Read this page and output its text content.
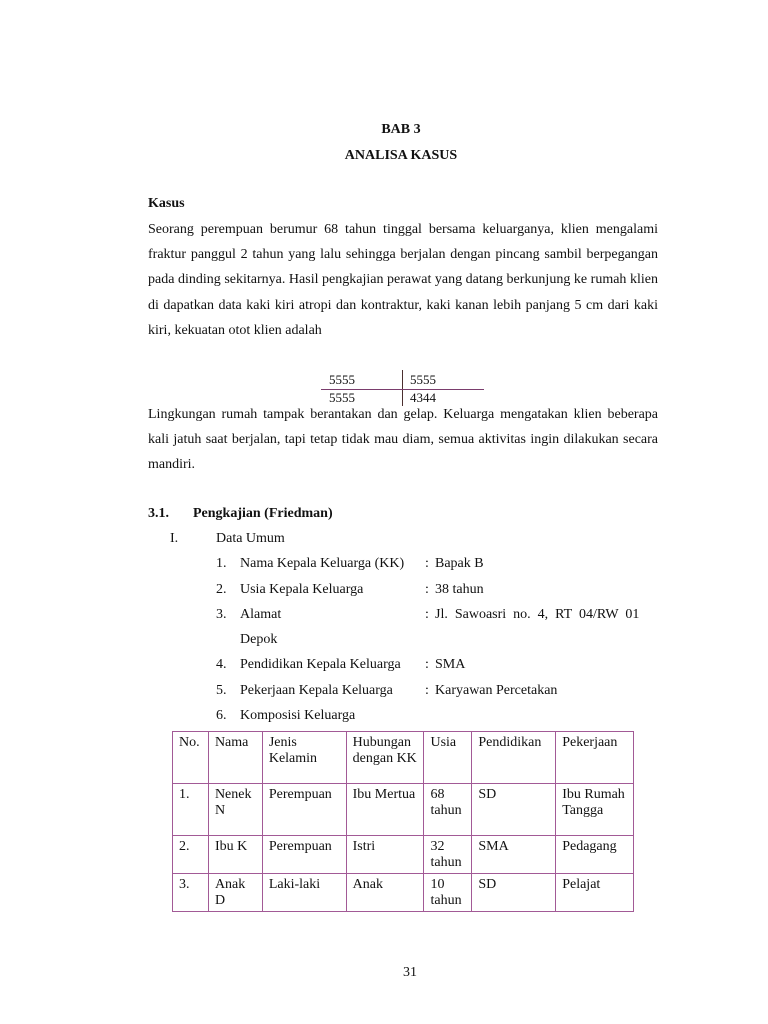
BAB 3
ANALISA KASUS
Kasus
Seorang perempuan berumur 68 tahun tinggal bersama keluarganya, klien mengalami fraktur panggul 2 tahun yang lalu sehingga berjalan dengan pincang sambil berpegangan pada dinding sekitarnya. Hasil pengkajian perawat yang datang berkunjung ke rumah klien di dapatkan data kaki kiri atropi dan kontraktur, kaki kanan lebih panjang 5 cm dari kaki kiri, kekuatan otot klien adalah
5555	5555
5555	4344
Lingkungan rumah tampak berantakan dan gelap. Keluarga mengatakan klien beberapa kali jatuh saat berjalan, tapi tetap tidak mau diam, semua aktivitas ingin dilakukan secara mandiri.
3.1. Pengkajian (Friedman)
I.	Data Umum
1. Nama Kepala Keluarga (KK) : Bapak B
2. Usia Kepala Keluarga	: 38 tahun
3. Alamat	: Jl.  Sawoasri  no.  4,  RT  04/RW  01
Depok
4. Pendidikan Kepala Keluarga : SMA
5. Pekerjaan Kepala Keluarga : Karyawan Percetakan
6. Komposisi Keluarga
No.	Nama	Jenis Kelamin	Hubungan dengan KK	Usia	Pendidikan	Pekerjaan
1.	Nenek N	Perempuan	Ibu Mertua	68 tahun	SD	Ibu Rumah Tangga
2.	Ibu K	Perempuan	Istri	32 tahun	SMA	Pedagang
3.	Anak D	Laki-laki	Anak	10 tahun	SD	Pelajat
31
